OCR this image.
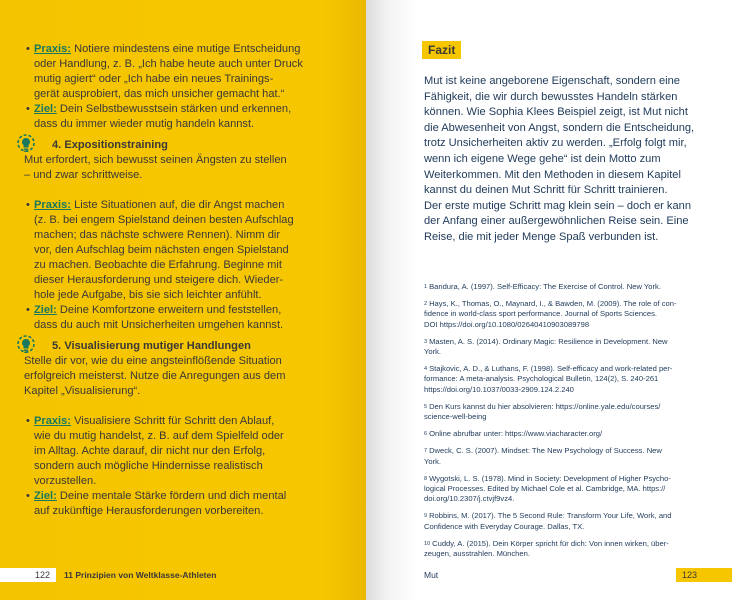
• Praxis: Notiere mindestens eine mutige Entscheidung
oder Handlung, z. B. „Ich habe heute auch unter Druck
mutig agiert“ oder „Ich habe ein neues Trainings-
gerät ausprobiert, das mich unsicher gemacht hat.“
• Ziel: Dein Selbstbewusstsein stärken und erkennen,
dass du immer wieder mutig handeln kannst.
4. Expositionstraining
Mut erfordert, sich bewusst seinen Ängsten zu stellen
– und zwar schrittweise.
• Praxis: Liste Situationen auf, die dir Angst machen
(z. B. bei engem Spielstand deinen besten Aufschlag
machen; das nächste schwere Rennen). Nimm dir
vor, den Aufschlag beim nächsten engen Spielstand
zu machen. Beobachte die Erfahrung. Beginne mit
dieser Herausforderung und steigere dich. Wieder-
hole jede Aufgabe, bis sie sich leichter anfühlt.
• Ziel: Deine Komfortzone erweitern und feststellen,
dass du auch mit Unsicherheiten umgehen kannst.
5. Visualisierung mutiger Handlungen
Stelle dir vor, wie du eine angsteinflößende Situation
erfolgreich meisterst. Nutze die Anregungen aus dem
Kapitel „Visualisierung“.
• Praxis: Visualisiere Schritt für Schritt den Ablauf,
wie du mutig handelst, z. B. auf dem Spielfeld oder
im Alltag. Achte darauf, dir nicht nur den Erfolg,
sondern auch mögliche Hindernisse realistisch
vorzustellen.
• Ziel: Deine mentale Stärke fördern und dich mental
auf zukünftige Herausforderungen vorbereiten.
122	11 Prinzipien von Weltklasse-Athleten
Fazit
Mut ist keine angeborene Eigenschaft, sondern eine
Fähigkeit, die wir durch bewusstes Handeln stärken
können. Wie Sophia Klees Beispiel zeigt, ist Mut nicht
die Abwesenheit von Angst, sondern die Entscheidung,
trotz Unsicherheiten aktiv zu werden. „Erfolg folgt mir,
wenn ich eigene Wege gehe“ ist dein Motto zum
Weiterkommen. Mit den Methoden in diesem Kapitel
kannst du deinen Mut Schritt für Schritt trainieren.
Der erste mutige Schritt mag klein sein – doch er kann
der Anfang einer außergewöhnlichen Reise sein. Eine
Reise, die mit jeder Menge Spaß verbunden ist.
$^1$ Bandura, A. (1997). Self-Efficacy: The Exercise of Control. New York.
$^2$ Hays, K., Thomas, O., Maynard, I., & Bawden, M. (2009). The role of con-
fidence in world-class sport performance. Journal of Sports Sciences.
DOI https://doi.org/10.1080/02640410903089798
$^3$ Masten, A. S. (2014). Ordinary Magic: Resilience in Development. New
York.
$^4$ Stajkovic, A. D., & Luthans, F. (1998). Self-efficacy and work-related per-
formance: A meta-analysis. Psychological Bulletin, 124(2), S. 240-261
https://doi.org/10.1037/0033-2909.124.2.240
$^5$ Den Kurs kannst du hier absolvieren: https://online.yale.edu/courses/
science-well-being
$^6$ Online abrufbar unter: https://www.viacharacter.org/
$^7$ Dweck, C. S. (2007). Mindset: The New Psychology of Success. New
York.
$^8$ Wygotski, L. S. (1978). Mind in Society: Development of Higher Psycho-
logical Processes. Edited by Michael Cole et al. Cambridge, MA. https://
doi.org/10.2307/j.ctvjf9vz4.
$^9$ Robbins, M. (2017). The 5 Second Rule: Transform Your Life, Work, and
Confidence with Everyday Courage. Dallas, TX.
$^{10}$ Cuddy, A. (2015). Dein Körper spricht für dich: Von innen wirken, über-
zeugen, ausstrahlen. München.
Mut	123
